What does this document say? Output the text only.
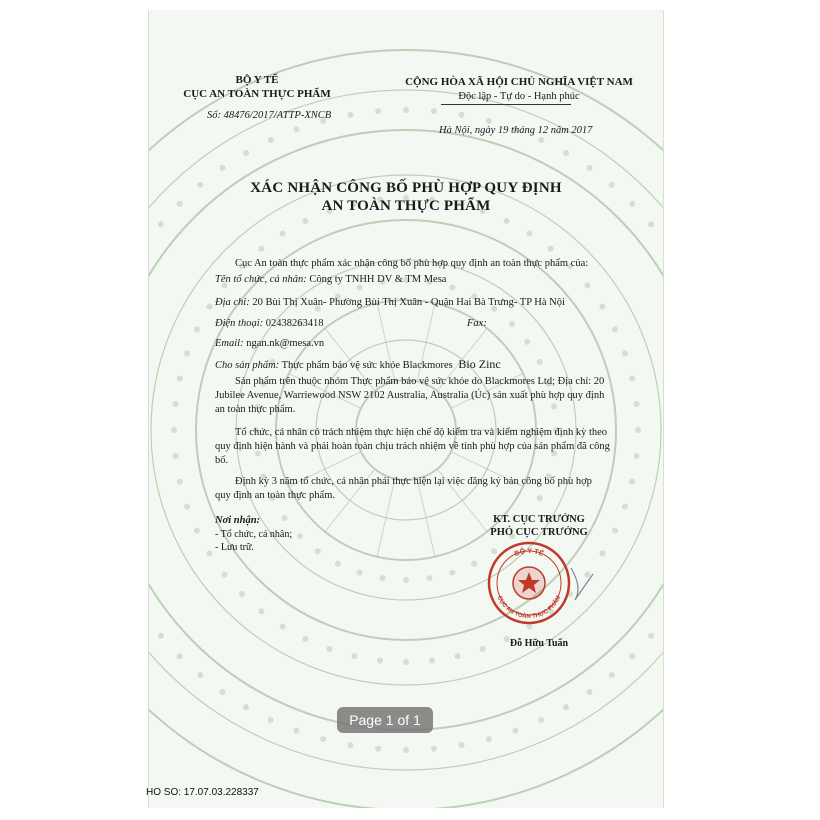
BỘ Y TẾ
CỤC AN TOÀN THỰC PHẨM
Số: 48476/2017/ATTP-XNCB
CỘNG HÒA XÃ HỘI CHỦ NGHĨA VIỆT NAM
Độc lập - Tự do - Hạnh phúc
Hà Nội, ngày 19 tháng 12 năm 2017
XÁC NHẬN CÔNG BỐ PHÙ HỢP QUY ĐỊNH
AN TOÀN THỰC PHẨM
Cục An toàn thực phẩm xác nhận công bố phù hợp quy định an toàn thực phẩm của:
Tên tổ chức, cá nhân: Công ty TNHH DV & TM Mesa
Địa chỉ: 20 Bùi Thị Xuân- Phường Bùi Thị Xuân - Quận Hai Bà Trưng- TP Hà Nội
Điện thoại: 02438263418	Fax:
Email: ngan.nk@mesa.vn
Cho sản phẩm: Thực phẩm bảo vệ sức khỏe Blackmores Bio Zinc
Sản phẩm trên thuộc nhóm Thực phẩm bảo vệ sức khỏe do Blackmores Ltd; Địa chỉ: 20
Jubilee Avenue, Warriewood NSW 2102 Australia, Australia (Úc) sản xuất phù hợp quy định
an toàn thực phẩm.
Tổ chức, cá nhân có trách nhiệm thực hiện chế độ kiểm tra và kiểm nghiệm định kỳ theo
quy định hiện hành và phải hoàn toàn chịu trách nhiệm về tính phù hợp của sản phẩm đã công
bố.
Định kỳ 3 năm tổ chức, cá nhân phải thực hiện lại việc đăng ký bản công bố phù hợp
quy định an toàn thực phẩm.
Nơi nhận:
- Tổ chức, cá nhân;
- Lưu trữ.
KT. CỤC TRƯỞNG
PHÓ CỤC TRƯỞNG
BỘ Y TẾ
CỤC AN TOÀN THỰC PHẨM
Đỗ Hữu Tuấn
Page 1 of 1
HO SO: 17.07.03.228337
